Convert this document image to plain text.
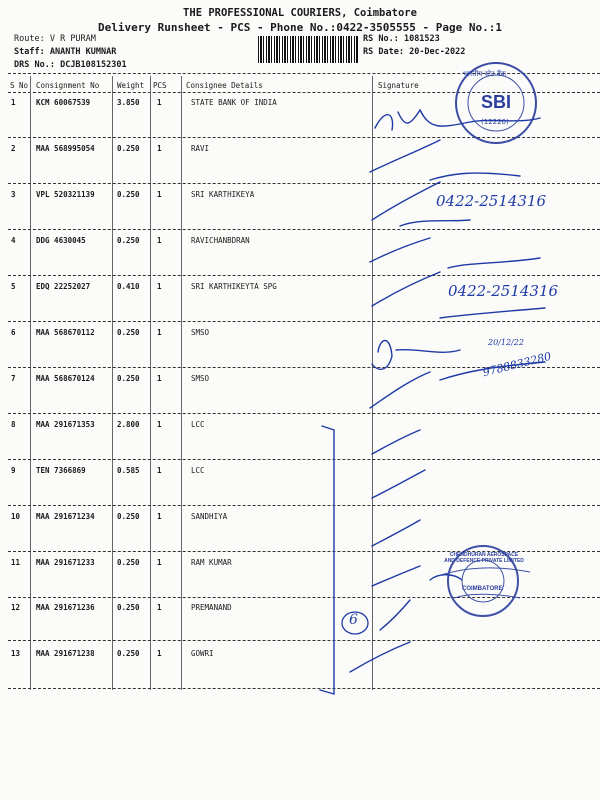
THE PROFESSIONAL COURIERS, Coimbatore
Delivery Runsheet - PCS - Phone No.:0422-3505555 - Page No.:1
Route: V R PURAM
Staff: ANANTH KUMNAR
DRS No.: DCJB108152301
RS No.: 1081523
RS Date: 20-Dec-2022
S No Consignment No Weight PCS	Consignee Details	Signature
1	KCM 60067539	3.850 1	STATE BANK OF INDIA
2	MAA 568995054	0.250 1	RAVI
3	VPL 520321139	0.250 1	SRI KARTHIKEYA
4	DDG 4630045	0.250 1	RAVICHANBDRAN
5	EDQ 22252027	0.410 1	SRI KARTHIKEYTA SPG
6	MAA 568670112	0.250 1	SMSO
7	MAA 568670124	0.250 1	SMSO
8	MAA 291671353	2.800 1	LCC
9	TEN 7366869	0.585 1	LCC
10 MAA 291671234	0.250 1	SANDHIYA
11 MAA 291671233	0.250 1	RAM KUMAR
12 MAA 291671236	0.250 1	PREMANAND
13 MAA 291671238	0.250 1	GOWRI
0422-2514316
0422-2514316
9788833280
20/12/22
6
SBI
भारतीय स्टेट बैंक
(12220)
CHENDHURAN AEROSPACE AND DEFENCE PRIVATE LIMITED
COIMBATORE
